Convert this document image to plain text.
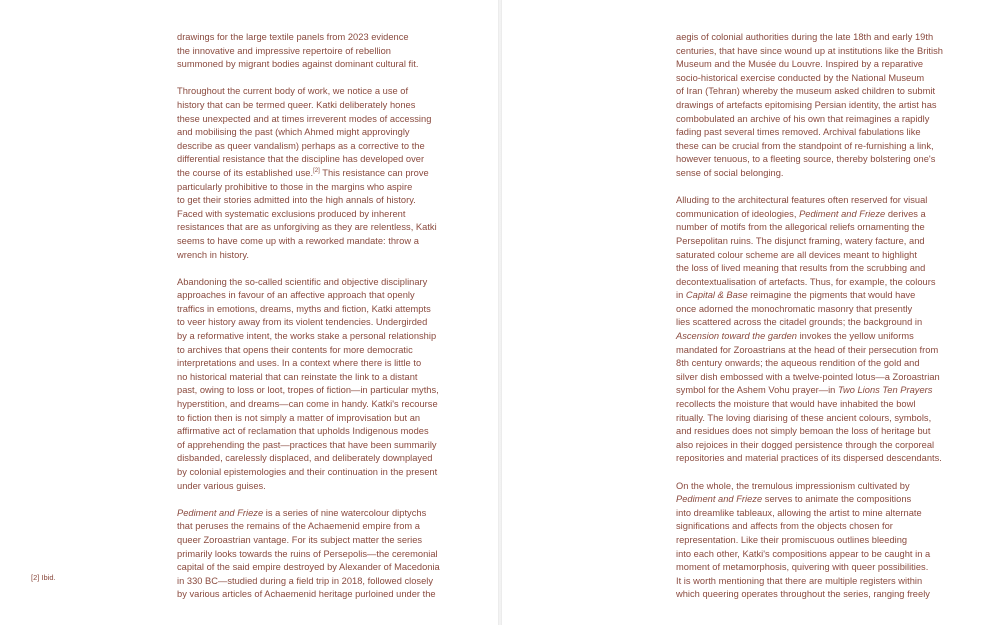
drawings for the large textile panels from 2023 evidence
the innovative and impressive repertoire of rebellion
summoned by migrant bodies against dominant cultural fit.

Throughout the current body of work, we notice a use of
history that can be termed queer. Katki deliberately hones
these unexpected and at times irreverent modes of accessing
and mobilising the past (which Ahmed might approvingly
describe as queer vandalism) perhaps as a corrective to the
differential resistance that the discipline has developed over
the course of its established use.[2] This resistance can prove
particularly prohibitive to those in the margins who aspire
to get their stories admitted into the high annals of history.
Faced with systematic exclusions produced by inherent
resistances that are as unforgiving as they are relentless, Katki
seems to have come up with a reworked mandate: throw a
wrench in history.

Abandoning the so-called scientific and objective disciplinary
approaches in favour of an affective approach that openly
traffics in emotions, dreams, myths and fiction, Katki attempts
to veer history away from its violent tendencies. Undergirded
by a reformative intent, the works stake a personal relationship
to archives that opens their contents for more democratic
interpretations and uses. In a context where there is little to
no historical material that can reinstate the link to a distant
past, owing to loss or loot, tropes of fiction—in particular myths,
hyperstition, and dreams—can come in handy. Katki's recourse
to fiction then is not simply a matter of improvisation but an
affirmative act of reclamation that upholds Indigenous modes
of apprehending the past—practices that have been summarily
disbanded, carelessly displaced, and deliberately downplayed
by colonial epistemologies and their continuation in the present
under various guises.

Pediment and Frieze is a series of nine watercolour diptychs
that peruses the remains of the Achaemenid empire from a
queer Zoroastrian vantage. For its subject matter the series
primarily looks towards the ruins of Persepolis—the ceremonial
capital of the said empire destroyed by Alexander of Macedonia
in 330 BC—studied during a field trip in 2018, followed closely
by various articles of Achaemenid heritage purloined under the

[2] Ibid.

aegis of colonial authorities during the late 18th and early 19th
centuries, that have since wound up at institutions like the British
Museum and the Musée du Louvre. Inspired by a reparative
socio-historical exercise conducted by the National Museum
of Iran (Tehran) whereby the museum asked children to submit
drawings of artefacts epitomising Persian identity, the artist has
combobulated an archive of his own that reimagines a rapidly
fading past several times removed. Archival fabulations like
these can be crucial from the standpoint of re-furnishing a link,
however tenuous, to a fleeting source, thereby bolstering one's
sense of social belonging.

Alluding to the architectural features often reserved for visual
communication of ideologies, Pediment and Frieze derives a
number of motifs from the allegorical reliefs ornamenting the
Persepolitan ruins. The disjunct framing, watery facture, and
saturated colour scheme are all devices meant to highlight
the loss of lived meaning that results from the scrubbing and
decontextualisation of artefacts. Thus, for example, the colours
in Capital & Base reimagine the pigments that would have
once adorned the monochromatic masonry that presently
lies scattered across the citadel grounds; the background in
Ascension toward the garden invokes the yellow uniforms
mandated for Zoroastrians at the head of their persecution from
8th century onwards; the aqueous rendition of the gold and
silver dish embossed with a twelve-pointed lotus—a Zoroastrian
symbol for the Ashem Vohu prayer—in Two Lions Ten Prayers
recollects the moisture that would have inhabited the bowl
ritually. The loving diarising of these ancient colours, symbols,
and residues does not simply bemoan the loss of heritage but
also rejoices in their dogged persistence through the corporeal
repositories and material practices of its dispersed descendants.

On the whole, the tremulous impressionism cultivated by
Pediment and Frieze serves to animate the compositions
into dreamlike tableaux, allowing the artist to mine alternate
significations and affects from the objects chosen for
representation. Like their promiscuous outlines bleeding
into each other, Katki's compositions appear to be caught in a
moment of metamorphosis, quivering with queer possibilities.
It is worth mentioning that there are multiple registers within
which queering operates throughout the series, ranging freely
